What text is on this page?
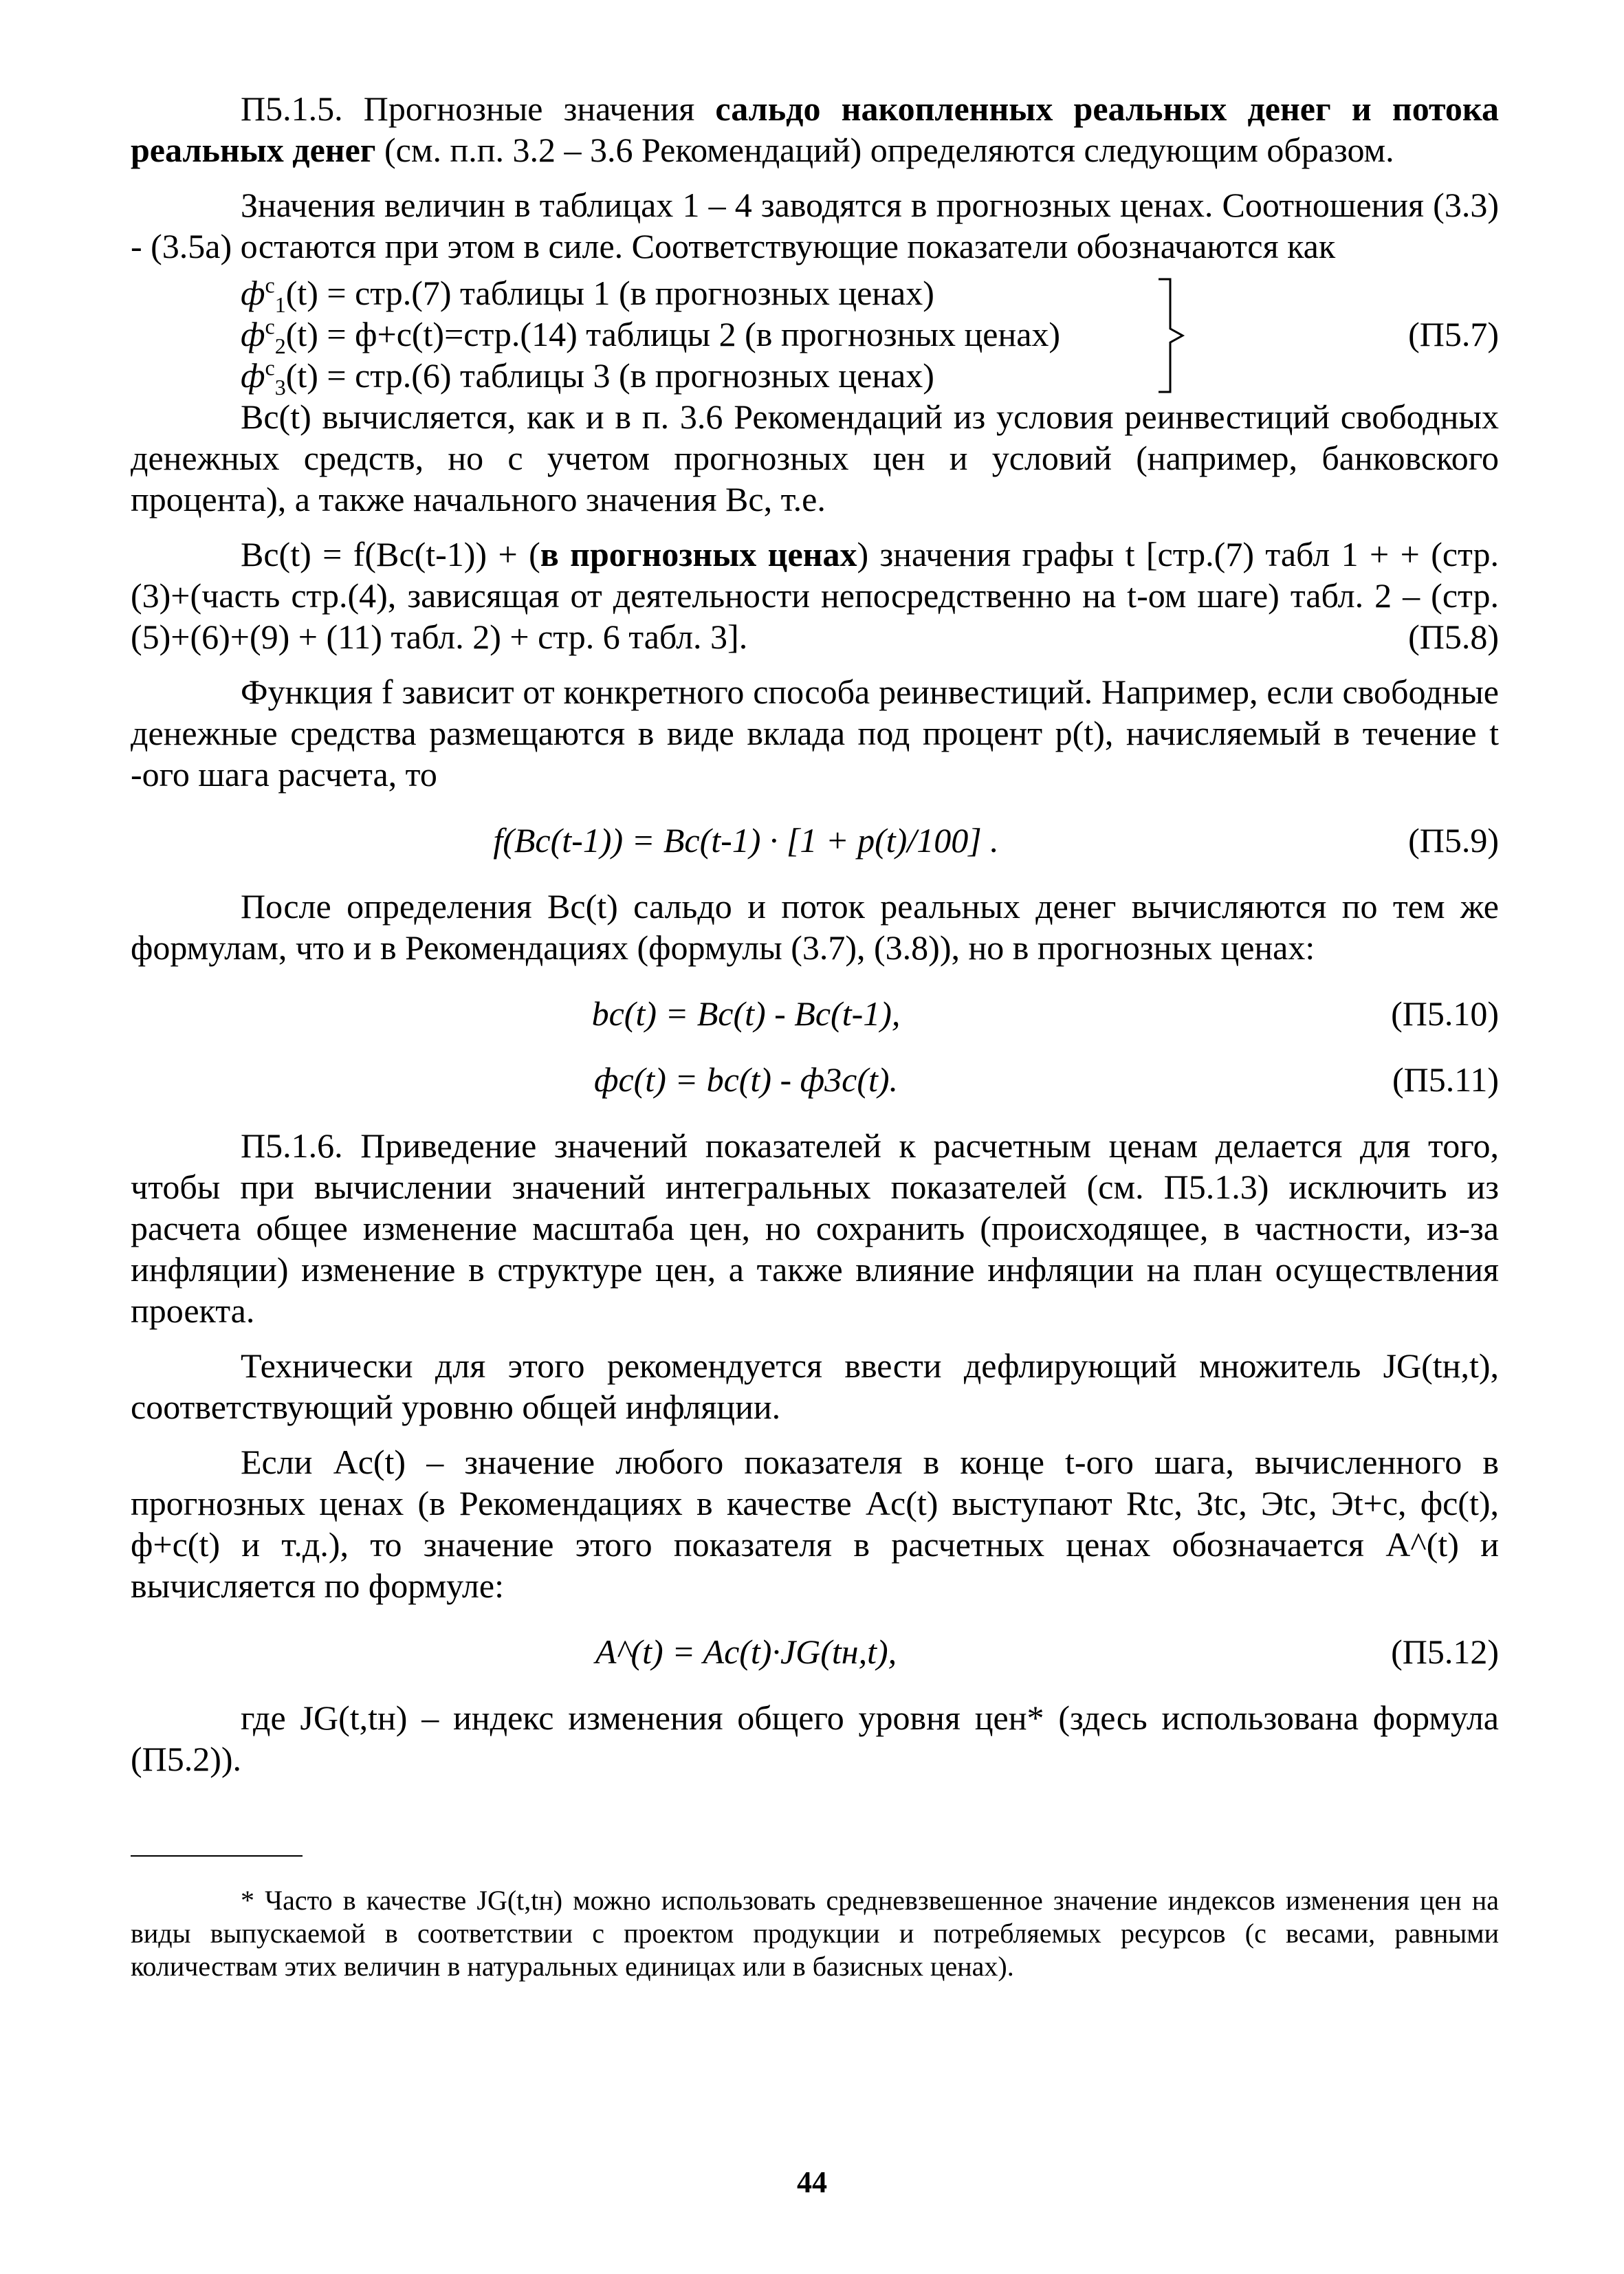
П5.1.5. Прогнозные значения сальдо накопленных реальных денег и потока реальных денег (см. п.п. 3.2 – 3.6 Рекомендаций) определяются следующим образом.

Значения величин в таблицах 1 – 4 заводятся в прогнозных ценах. Соотношения (3.3) - (3.5а) остаются при этом в силе. Соответствующие показатели обозначаются как

$ф^c_1(t) = стр.(7)$ таблицы 1 (в прогнозных ценах)
$ф^c_2(t) = ф+c(t)=стр.(14)$ таблицы 2 (в прогнозных ценах)
$ф^c_3(t) = стр.(6)$ таблицы 3 (в прогнозных ценах)
(П5.7)

Bc(t) вычисляется, как и в п. 3.6 Рекомендаций из условия реинвестиций свободных денежных средств, но с учетом прогнозных цен и условий (например, банковского процента), а также начального значения Bc, т.е.

Bc(t) = f(Bc(t-1)) + (в прогнозных ценах) значения графы t [стр.(7) табл 1 + + (стр.(3)+(часть стр.(4), зависящая от деятельности непосредственно на t-ом шаге) табл. 2 – (стр.(5)+(6)+(9) + (11) табл. 2) + стр. 6 табл. 3].	(П5.8)

Функция f зависит от конкретного способа реинвестиций. Например, если свободные денежные средства размещаются в виде вклада под процент p(t), начисляемый в течение t -ого шага расчета, то

f(Bc(t-1)) = Bc(t-1) · [1 + p(t)/100] .	(П5.9)

После определения Bc(t) сальдо и поток реальных денег вычисляются по тем же формулам, что и в Рекомендациях (формулы (3.7), (3.8)), но в прогнозных ценах:

bc(t) = Bc(t) - Bc(t-1),	(П5.10)
фc(t) = bc(t) - ф3c(t).	(П5.11)

П5.1.6. Приведение значений показателей к расчетным ценам делается для того, чтобы при вычислении значений интегральных показателей (см. П5.1.3) исключить из расчета общее изменение масштаба цен, но сохранить (происходящее, в частности, из-за инфляции) изменение в структуре цен, а также влияние инфляции на план осуществления проекта.

Технически для этого рекомендуется ввести дефлирующий множитель JG(tн,t), соответствующий уровню общей инфляции.

Если Ac(t) – значение любого показателя в конце t-ого шага, вычисленного в прогнозных ценах (в Рекомендациях в качестве Ac(t) выступают Rtc, Зtc, Эtc, Эt+c, фc(t), ф+c(t) и т.д.), то значение этого показателя в расчетных ценах обозначается A^(t) и вычисляется по формуле:

A^(t) = Ac(t)·JG(tн,t),	(П5.12)

где JG(t,tн) – индекс изменения общего уровня цен* (здесь использована формула (П5.2)).

* Часто в качестве JG(t,tн) можно использовать средневзвешенное значение индексов изменения цен на виды выпускаемой в соответствии с проектом продукции и потребляемых ресурсов (с весами, равными количествам этих величин в натуральных единицах или в базисных ценах).

44
